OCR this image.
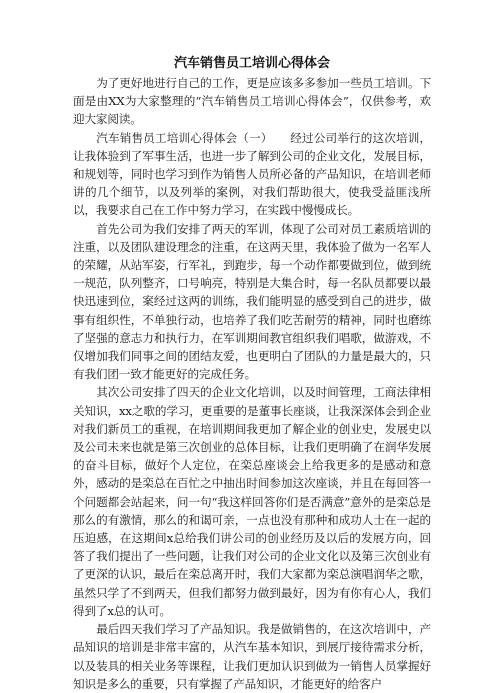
汽车销售员工培训心得体会

为了更好地进行自己的工作，更是应该多多参加一些员工培训。下面是由XX为大家整理的“汽车销售员工培训心得体会”，仅供参考，欢迎大家阅读。

汽车销售员工培训心得体会（一）　　经过公司举行的这次培训，让我体验到了军事生活，也进一步了解到公司的企业文化，发展目标，和规划等，同时也学习到作为销售人员所必备的产品知识，在培训老师讲的几个细节，以及列举的案例，对我们帮助很大，使我受益匪浅所以，我要求自己在工作中努力学习，在实践中慢慢成长。

首先公司为我们安排了两天的军训，体现了公司对员工素质培训的注重，以及团队建设理念的注重，在这两天里，我体验了做为一名军人的荣耀，从站军姿，行军礼，到跑步，每一个动作都要做到位，做到统一规范，队列整齐，口号响亮，特别是大集合时，每一名队员都要以最快迅速到位，案经过这两的训练，我们能明显的感受到自己的进步，做事有组织性，不单独行动，也培养了我们吃苦耐劳的精神，同时也磨练了坚强的意志力和执行力，在军训期间教官组织我们唱歌，做游戏，不仅增加我们同事之间的团结友爱，也更明白了团队的力量是最大的，只有我们团一致才能更好的完成任务。

其次公司安排了四天的企业文化培训，以及时间管理，工商法律相关知识，xx之歌的学习，更重要的是董事长座谈，让我深深体会到企业对我们新员工的重视，在培训期间我更加了解企业的创业史，发展史以及公司未来也就是第三次创业的总体目标，让我们更明确了在润华发展的奋斗目标，做好个人定位，在栾总座谈会上给我更多的是感动和意外，感动的是栾总在百忙之中抽出时间参加这次座谈，并且在每回答一个问题都会站起来，问一句“我这样回答你们是否满意”意外的是栾总是那么的有激情，那么的和谒可亲，一点也没有那种和成功人士在一起的压迫感，在这期间x总给我们讲公司的创业经历及以后的发展方向，回答了我们提出了一些问题，让我们对公司的企业文化以及第三次创业有了更深的认识，最后在栾总离开时，我们大家都为栾总演唱润华之歌，虽然只学了不到两天，但我们都努力做到最好，因为有你有心人，我们得到了x总的认可。

最后四天我们学习了产品知识。我是做销售的，在这次培训中，产品知识的培训是非常丰富的，从汽车基本知识，到展厅接待需求分析，以及装具的相关业务等课程，让我们更加认识到做为一销售人员掌握好知识是多么的重要，只有掌握了产品知识，才能更好的给客户
